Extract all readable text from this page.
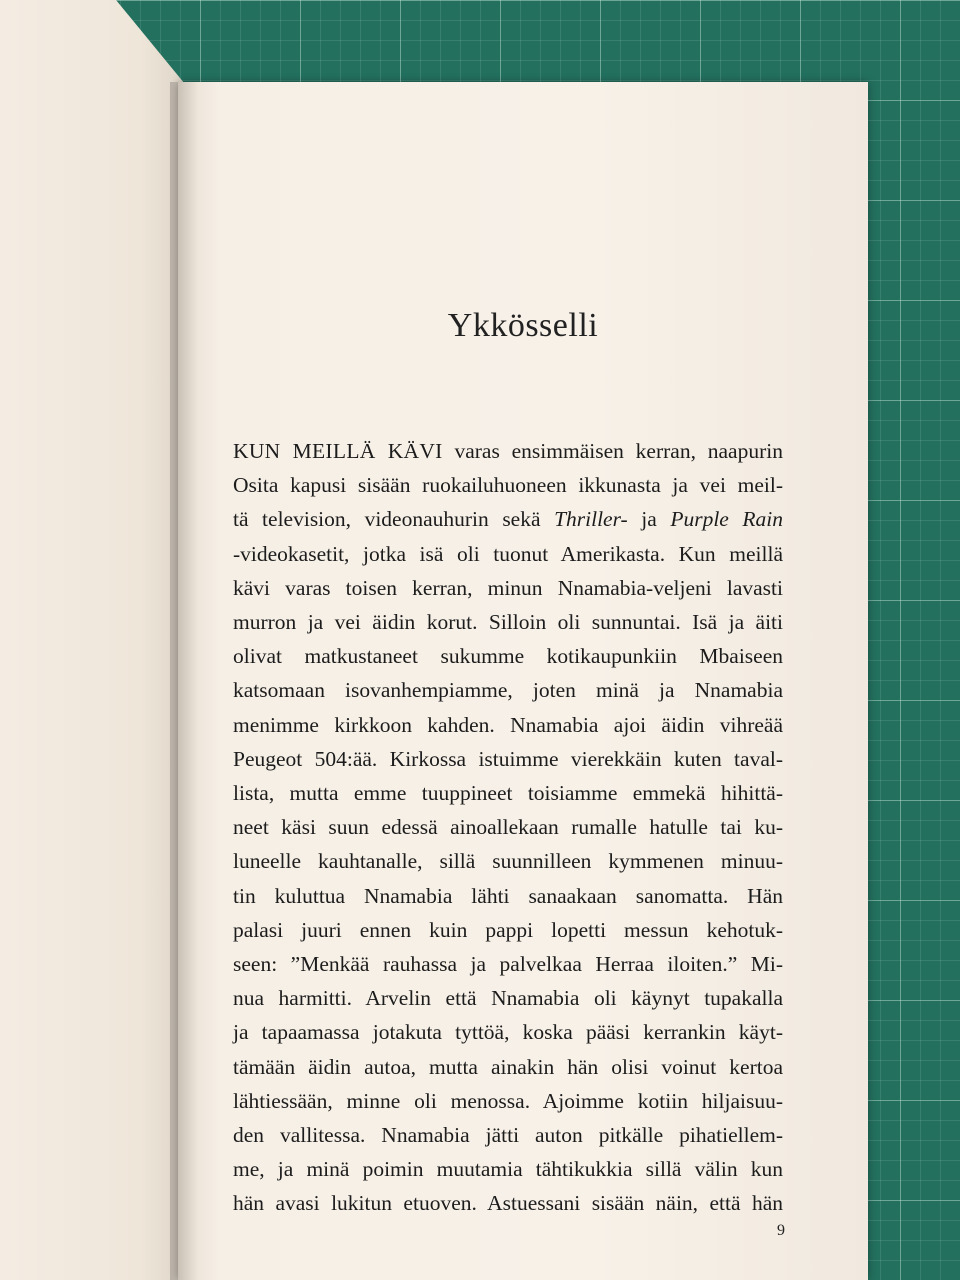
Ykkösselli
KUN MEILLÄ KÄVI varas ensimmäisen kerran, naapurin
Osita kapusi sisään ruokailuhuoneen ikkunasta ja vei meil-
tä television, videonauhurin sekä Thriller- ja Purple Rain
-videokasetit, jotka isä oli tuonut Amerikasta. Kun meillä
kävi varas toisen kerran, minun Nnamabia-veljeni lavasti
murron ja vei äidin korut. Silloin oli sunnuntai. Isä ja äiti
olivat matkustaneet sukumme kotikaupunkiin Mbaiseen
katsomaan isovanhempiamme, joten minä ja Nnamabia
menimme kirkkoon kahden. Nnamabia ajoi äidin vihreää
Peugeot 504:ää. Kirkossa istuimme vierekkäin kuten taval-
lista, mutta emme tuuppineet toisiamme emmekä hihittä-
neet käsi suun edessä ainoallekaan rumalle hatulle tai ku-
luneelle kauhtanalle, sillä suunnilleen kymmenen minuu-
tin kuluttua Nnamabia lähti sanaakaan sanomatta. Hän
palasi juuri ennen kuin pappi lopetti messun kehotuk-
seen: ”Menkää rauhassa ja palvelkaa Herraa iloiten.” Mi-
nua harmitti. Arvelin että Nnamabia oli käynyt tupakalla
ja tapaamassa jotakuta tyttöä, koska pääsi kerrankin käyt-
tämään äidin autoa, mutta ainakin hän olisi voinut kertoa
lähtiessään, minne oli menossa. Ajoimme kotiin hiljaisuu-
den vallitessa. Nnamabia jätti auton pitkälle pihatiellem-
me, ja minä poimin muutamia tähtikukkia sillä välin kun
hän avasi lukitun etuoven. Astuessani sisään näin, että hän
9
